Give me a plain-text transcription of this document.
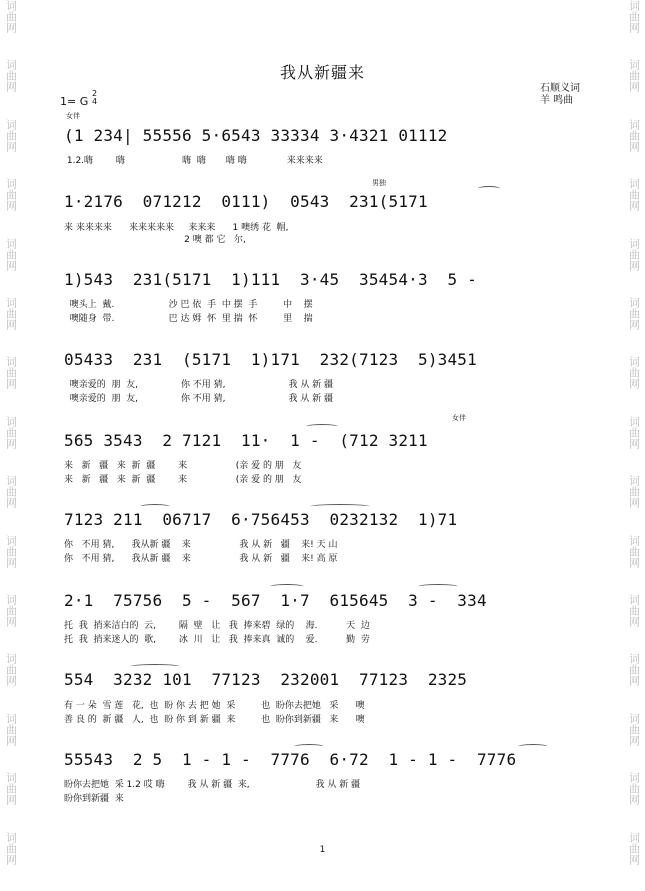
词曲网
词曲网
词曲网
词曲网
词曲网
词曲网
词曲网
词曲网
词曲网
词曲网
词曲网
词曲网
词曲网
词曲网
词曲网
词曲网
词曲网
词曲网
词曲网
词曲网
词曲网
词曲网
词曲网
词曲网
词曲网
词曲网
词曲网
词曲网
词曲网
词曲网
我从新疆来
石顺义词
羊 鸣曲
1= G
2
4
女伴
男独
女伴
(1 234| 55556 5·6543 33334 3·4321 01112
1.2.嗨        嗨                    嗨  嗨       嗨 嗨              来来来来
1·2176  071212  0111)  0543  231(5171
来 来来来来      来来来来来     来来来      1 噢绣 花  帽,
2 噢 都 它   尔,
1)543  231(5171  1)111  3·45  35454·3  5 -
噢头上  戴.                   沙 巴 依  手  中 摆  手         中    摆
噢随身  带.                   巴 达 姆  怀  里 揣  怀         里    揣
05433  231  (5171  1)171  232(7123  5)3451
噢亲爱的  朋  友,               你 不用 猜,                      我 从 新 疆
噢亲爱的  朋  友,               你 不用 猜,                      我 从 新 疆
565 3543  2 7121  11·  1 -  (712 3211
来   新   疆   来  新  疆        来                 (亲 爱 的 朋   友
来   新   疆   来  新  疆        来                 (亲 爱 的 朋   友
7123 211  06717  6·756453  0232132  1)71
你   不用 猜,      我从新 疆    来                 我 从 新   疆    来! 天 山
你   不用 猜,      我从新 疆    来                 我 从 新   疆    来! 高 原
2·1  75756  5 -  567  1·7  615645  3 -  334
托  我  捎来洁白的  云,        隔  壁   让   我  捧来碧  绿的    海.          天  边
托  我  捎来迷人的  歌,        冰  川   让   我  捧来真  诚的    爱.          勤  劳
554  3232 101  77123  232001  77123  2325
有 一 朵  雪 莲   花,  也  盼 你 去 把 她  采         也  盼你去把她   采      噢
善 良 的  新 疆   人,  也  盼 你 到 新 疆  来         也  盼你到新疆   来      噢
55543  2 5  1 - 1 -  7776  6·72  1 - 1 -  7776
盼你去把她  采 1.2 哎 嗨        我 从 新 疆  来,                       我 从 新 疆
盼你到新疆  来
1
